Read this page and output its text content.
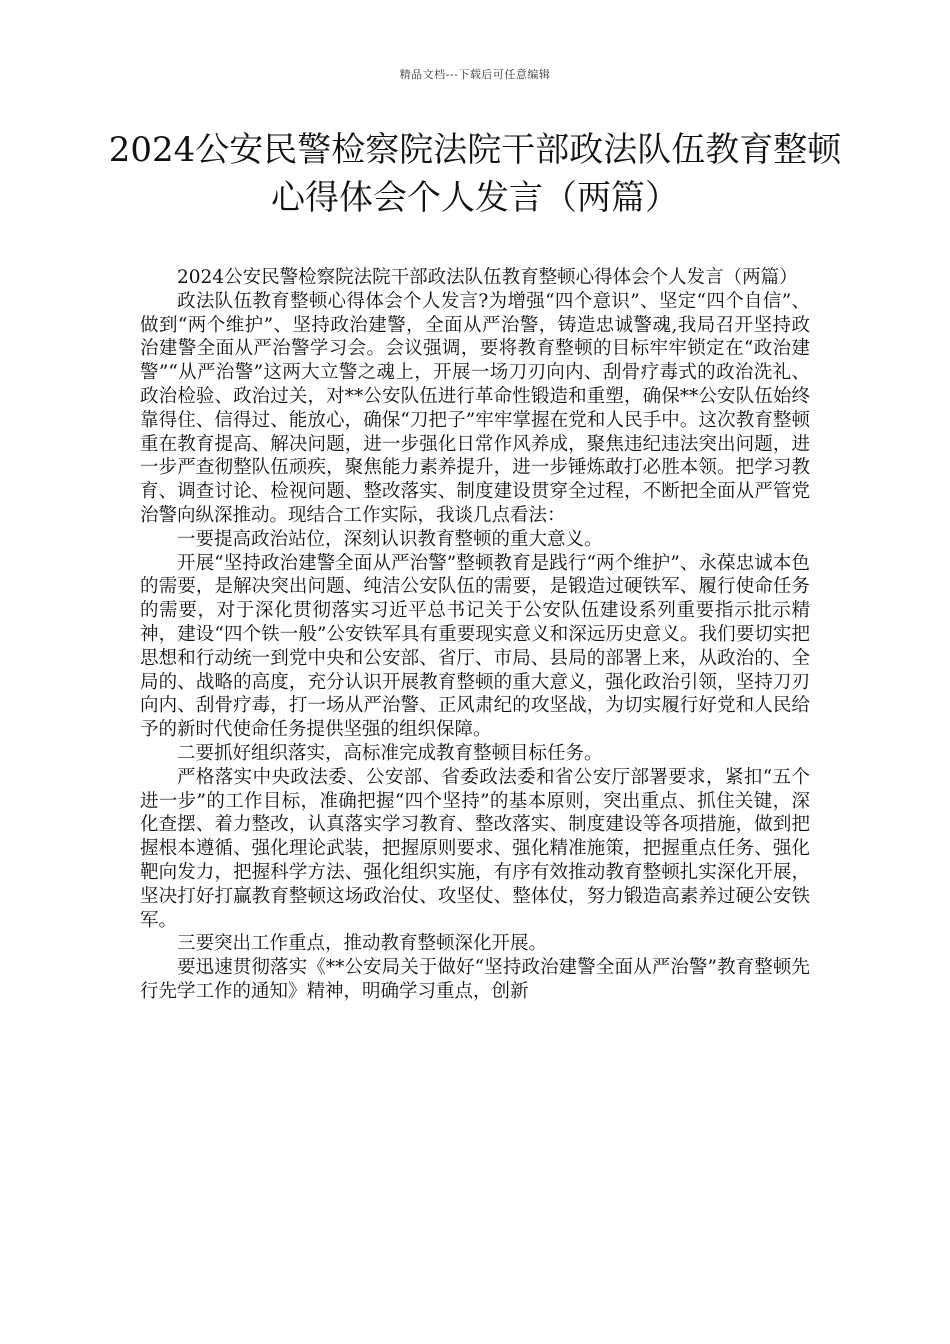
精品文档---下载后可任意编辑
2024公安民警检察院法院干部政法队伍教育整顿心得体会个人发言（两篇）

2024公安民警检察院法院干部政法队伍教育整顿心得体会个人发言（两篇）

政法队伍教育整顿心得体会个人发言?为增强“四个意识”、坚定“四个自信”、做到“两个维护”、坚持政治建警，全面从严治警，铸造忠诚警魂,我局召开坚持政治建警全面从严治警学习会。会议强调，要将教育整顿的目标牢牢锁定在“政治建警”“从严治警”这两大立警之魂上，开展一场刀刃向内、刮骨疗毒式的政治洗礼、政治检验、政治过关，对**公安队伍进行革命性锻造和重塑，确保**公安队伍始终靠得住、信得过、能放心，确保“刀把子”牢牢掌握在党和人民手中。这次教育整顿重在教育提高、解决问题，进一步强化日常作风养成，聚焦违纪违法突出问题，进一步严查彻整队伍顽疾，聚焦能力素养提升，进一步锤炼敢打必胜本领。把学习教育、调查讨论、检视问题、整改落实、制度建设贯穿全过程，不断把全面从严管党治警向纵深推动。现结合工作实际，我谈几点看法：

一要提高政治站位，深刻认识教育整顿的重大意义。

开展“坚持政治建警全面从严治警”整顿教育是践行“两个维护”、永葆忠诚本色的需要，是解决突出问题、纯洁公安队伍的需要，是锻造过硬铁军、履行使命任务的需要，对于深化贯彻落实习近平总书记关于公安队伍建设系列重要指示批示精神，建设“四个铁一般”公安铁军具有重要现实意义和深远历史意义。我们要切实把思想和行动统一到党中央和公安部、省厅、市局、县局的部署上来，从政治的、全局的、战略的高度，充分认识开展教育整顿的重大意义，强化政治引领，坚持刀刃向内、刮骨疗毒，打一场从严治警、正风肃纪的攻坚战，为切实履行好党和人民给予的新时代使命任务提供坚强的组织保障。

二要抓好组织落实，高标准完成教育整顿目标任务。

严格落实中央政法委、公安部、省委政法委和省公安厅部署要求，紧扣“五个进一步”的工作目标，准确把握“四个坚持”的基本原则，突出重点、抓住关键，深化查摆、着力整改，认真落实学习教育、整改落实、制度建设等各项措施，做到把握根本遵循、强化理论武装，把握原则要求、强化精准施策，把握重点任务、强化靶向发力，把握科学方法、强化组织实施，有序有效推动教育整顿扎实深化开展，坚决打好打赢教育整顿这场政治仗、攻坚仗、整体仗，努力锻造高素养过硬公安铁军。

三要突出工作重点，推动教育整顿深化开展。

要迅速贯彻落实《**公安局关于做好“坚持政治建警全面从严治警”教育整顿先行先学工作的通知》精神，明确学习重点，创新
